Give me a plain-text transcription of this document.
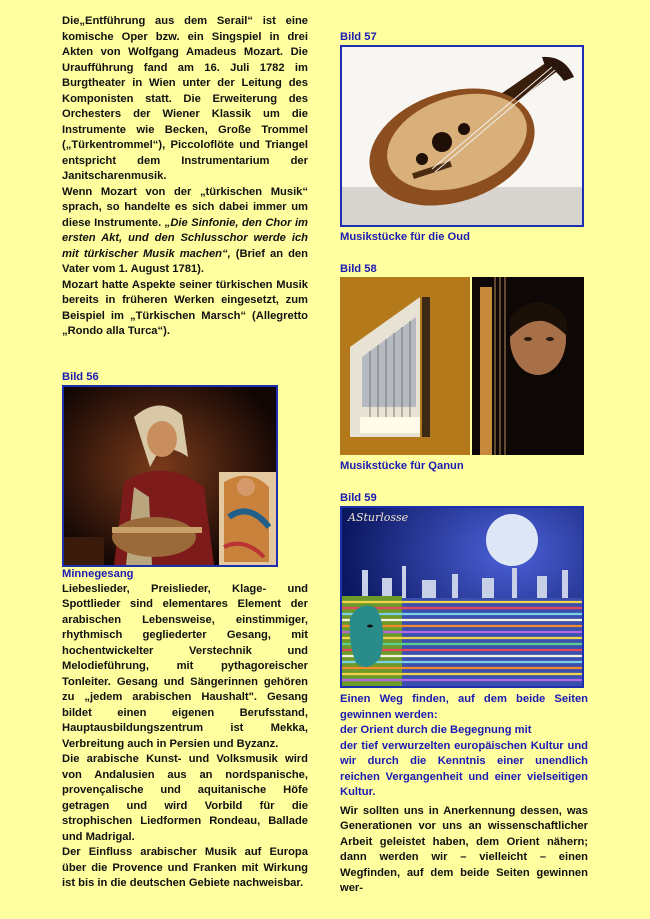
Die„Entführung aus dem Serail“ ist eine komische Oper bzw. ein Singspiel in drei Akten von Wolfgang Amadeus Mozart. Die Uraufführung fand am 16. Juli 1782 im Burgtheater in Wien unter der Leitung des Komponisten statt. Die Erweiterung des Orchesters der Wiener Klassik um die Instrumente wie Becken, Große Trommel („Türkentrommel“), Piccoloflöte und Triangel entspricht dem Instrumentarium der Janitscharenmusik.

Wenn Mozart von der „türkischen Musik“ sprach, so handelte es sich dabei immer um diese Instrumente. „Die Sinfonie, den Chor im ersten Akt, und den Schlusschor werde ich mit türkischer Musik machen“, (Brief an den Vater vom 1. August 1781).

Mozart hatte Aspekte seiner türkischen Musik bereits in früheren Werken eingesetzt, zum Beispiel im „Türkischen Marsch“ (Allegretto „Rondo alla Turca“).

Bild 56
Minnegesang

Liebeslieder, Preislieder, Klage- und Spottlieder sind elementares Element der arabischen Lebensweise, einstimmiger, rhythmisch gegliederter Gesang, mit hochentwickelter Verstechnik und Melodieführung, mit pythagoreischer Tonleiter. Gesang und Sängerinnen gehören zu „jedem arabischen Haushalt". Gesang bildet einen eigenen Berufsstand, Hauptausbildungszentrum ist Mekka, Verbreitung auch in Persien und Byzanz.

Die arabische Kunst- und Volksmusik wird von Andalusien aus an nordspanische, provençalische und aquitanische Höfe getragen und wird Vorbild für die strophischen Liedformen Rondeau, Ballade und Madrigal.

Der Einfluss arabischer Musik auf Europa über die Provence und Franken mit Wirkung ist bis in die deutschen Gebiete nachweisbar.

Bild 57
Musikstücke für die Oud
Bild 58
Musikstücke für Qanun
Bild 59
ASturlosse
Einen Weg finden, auf dem beide Seiten gewinnen werden:
der Orient durch die Begegnung mit
der tief verwurzelten europäischen Kultur und wir durch die Kenntnis einer unendlich reichen Vergangenheit und einer vielseitigen Kultur.

Wir sollten uns in Anerkennung dessen, was Generationen vor uns an wissenschaftlicher Arbeit geleistet haben, dem Orient nähern; dann werden wir – vielleicht – einen Wegfinden, auf dem beide Seiten gewinnen wer-
